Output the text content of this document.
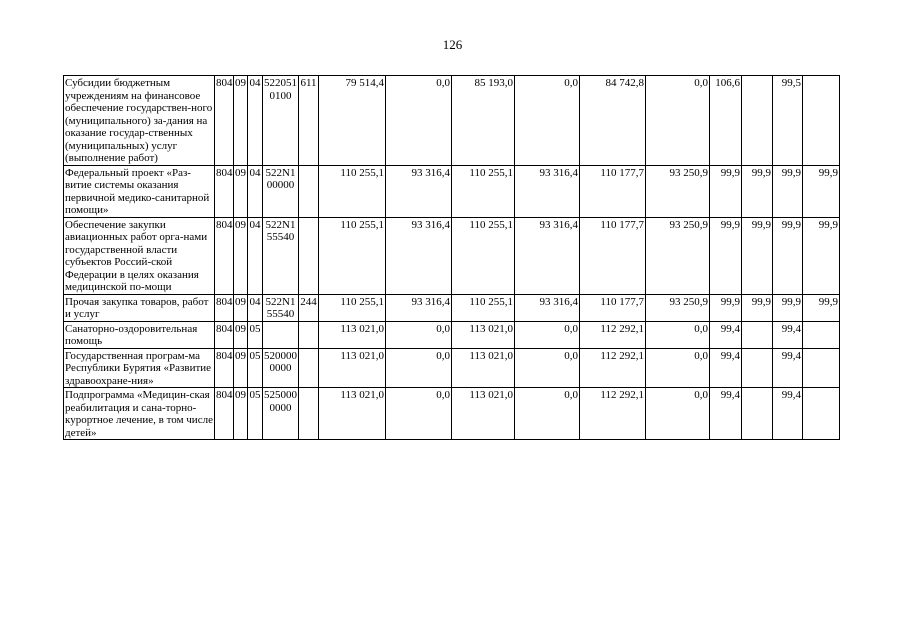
126
Субсидии бюджетным учреждениям на финансовое обеспечение государствен-ного (муниципального) за-дания на оказание государ-ственных (муниципальных) услуг (выполнение работ)	804	09	04	5220510100	611	79 514,4	0,0	85 193,0	0,0	84 742,8	0,0	106,6		99,5	
Федеральный проект «Раз-витие системы оказания первичной медико-санитарной помощи»	804	09	04	522N100000		110 255,1	93 316,4	110 255,1	93 316,4	110 177,7	93 250,9	99,9	99,9	99,9	99,9
Обеспечение закупки авиационных работ орга-нами государственной власти субъектов Россий-ской Федерации в целях оказания медицинской по-мощи	804	09	04	522N155540		110 255,1	93 316,4	110 255,1	93 316,4	110 177,7	93 250,9	99,9	99,9	99,9	99,9
Прочая закупка товаров, работ и услуг	804	09	04	522N155540	244	110 255,1	93 316,4	110 255,1	93 316,4	110 177,7	93 250,9	99,9	99,9	99,9	99,9
Санаторно-оздоровительная помощь	804	09	05			113 021,0	0,0	113 021,0	0,0	112 292,1	0,0	99,4		99,4	
Государственная програм-ма Республики Бурятия «Развитие здравоохране-ния»	804	09	05	5200000000		113 021,0	0,0	113 021,0	0,0	112 292,1	0,0	99,4		99,4	
Подпрограмма «Медицин-ская реабилитация и сана-торно-курортное лечение, в том числе детей»	804	09	05	5250000000		113 021,0	0,0	113 021,0	0,0	112 292,1	0,0	99,4		99,4	
